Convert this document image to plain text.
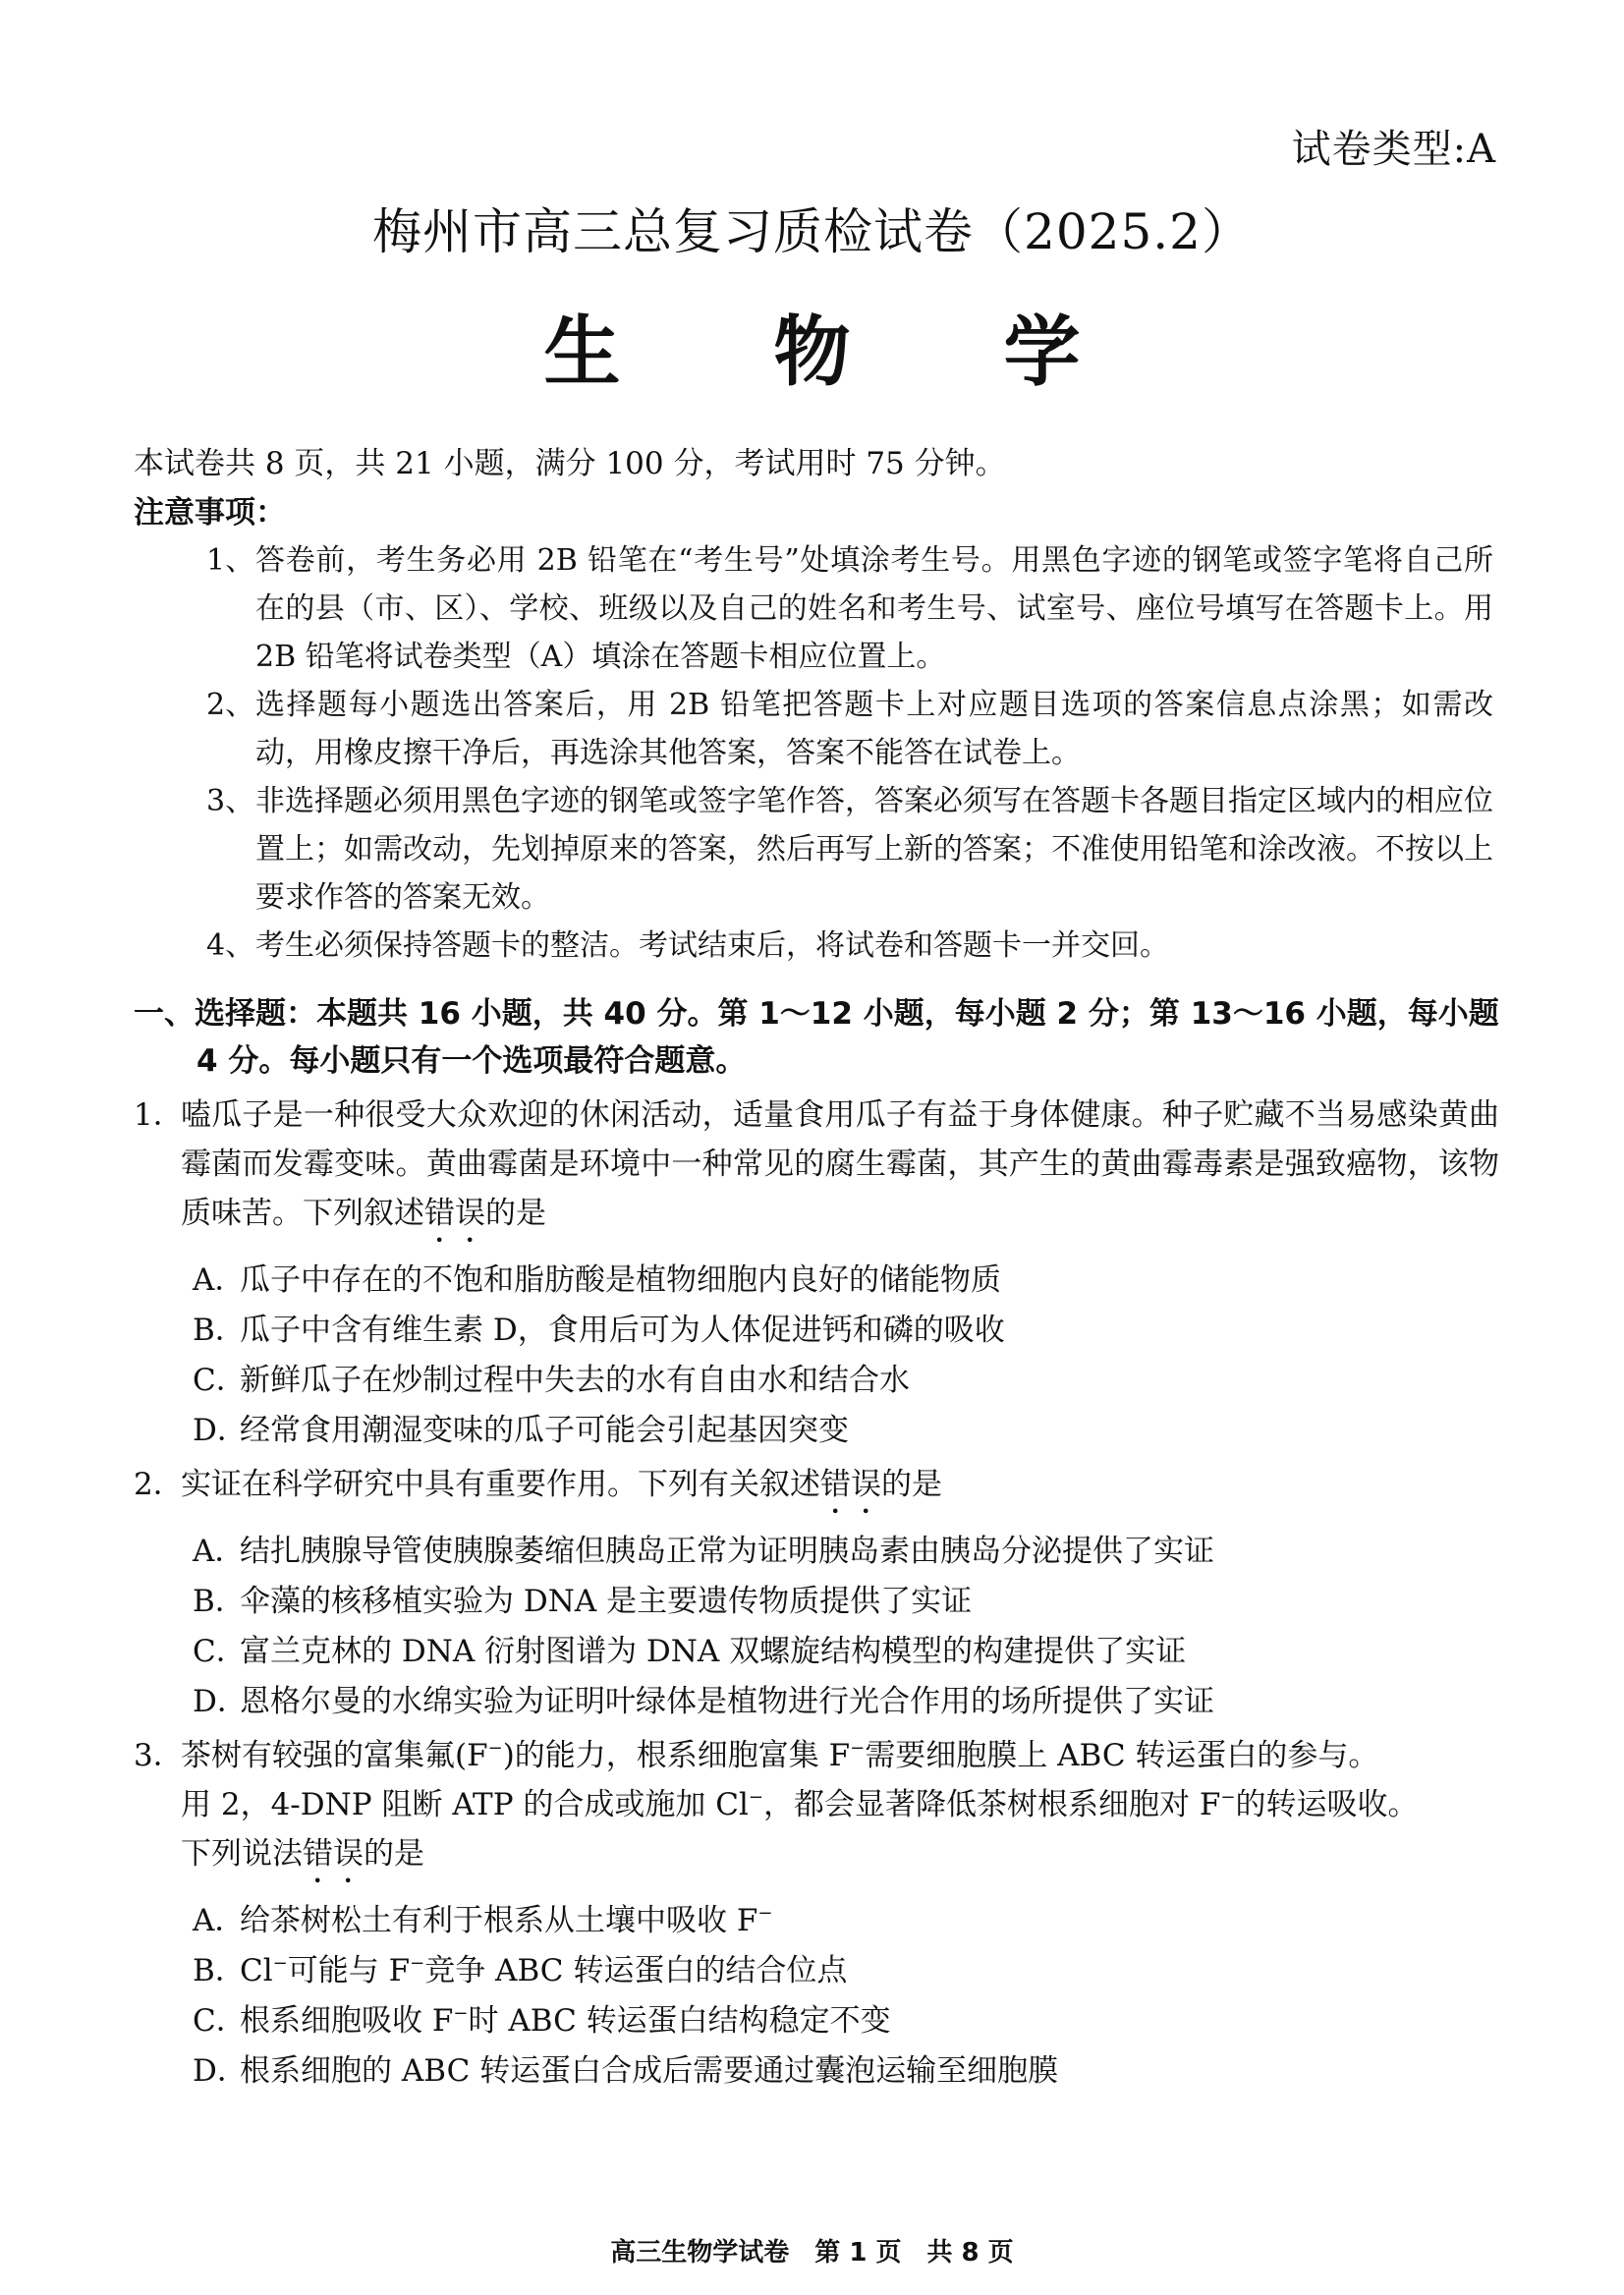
试卷类型:A
梅州市高三总复习质检试卷（2025.2）
生 物 学
本试卷共 8 页，共 21 小题，满分 100 分，考试用时 75 分钟。
注意事项：
1、 答卷前，考生务必用 2B 铅笔在“考生号”处填涂考生号。用黑色字迹的钢笔或签字笔将自己所在的县（市、区）、学校、班级以及自己的姓名和考生号、试室号、座位号填写在答题卡上。用 2B 铅笔将试卷类型（A）填涂在答题卡相应位置上。
2、 选择题每小题选出答案后，用 2B 铅笔把答题卡上对应题目选项的答案信息点涂黑；如需改动，用橡皮擦干净后，再选涂其他答案，答案不能答在试卷上。
3、 非选择题必须用黑色字迹的钢笔或签字笔作答，答案必须写在答题卡各题目指定区域内的相应位置上；如需改动，先划掉原来的答案，然后再写上新的答案；不准使用铅笔和涂改液。不按以上要求作答的答案无效。
4、 考生必须保持答题卡的整洁。考试结束后，将试卷和答题卡一并交回。
一、选择题：本题共 16 小题，共 40 分。第 1～12 小题，每小题 2 分；第 13～16 小题，每小题 4 分。每小题只有一个选项最符合题意。
1．
嗑瓜子是一种很受大众欢迎的休闲活动，适量食用瓜子有益于身体健康。种子贮藏不当易感染黄曲霉菌而发霉变味。黄曲霉菌是环境中一种常见的腐生霉菌，其产生的黄曲霉毒素是强致癌物，该物质味苦。下列叙述错误的是
A．瓜子中存在的不饱和脂肪酸是植物细胞内良好的储能物质
B．瓜子中含有维生素 D，食用后可为人体促进钙和磷的吸收
C．新鲜瓜子在炒制过程中失去的水有自由水和结合水
D．经常食用潮湿变味的瓜子可能会引起基因突变
2．
实证在科学研究中具有重要作用。下列有关叙述错误的是
A．结扎胰腺导管使胰腺萎缩但胰岛正常为证明胰岛素由胰岛分泌提供了实证
B．伞藻的核移植实验为 DNA 是主要遗传物质提供了实证
C．富兰克林的 DNA 衍射图谱为 DNA 双螺旋结构模型的构建提供了实证
D．恩格尔曼的水绵实验为证明叶绿体是植物进行光合作用的场所提供了实证
3．
茶树有较强的富集氟(F−)的能力，根系细胞富集 F−需要细胞膜上 ABC 转运蛋白的参与。
用 2，4-DNP 阻断 ATP 的合成或施加 Cl−，都会显著降低茶树根系细胞对 F−的转运吸收。
下列说法错误的是
A．给茶树松土有利于根系从土壤中吸收 F−
B．Cl−可能与 F−竞争 ABC 转运蛋白的结合位点
C．根系细胞吸收 F−时 ABC 转运蛋白结构稳定不变
D．根系细胞的 ABC 转运蛋白合成后需要通过囊泡运输至细胞膜
高三生物学试卷　第 1 页　共 8 页
